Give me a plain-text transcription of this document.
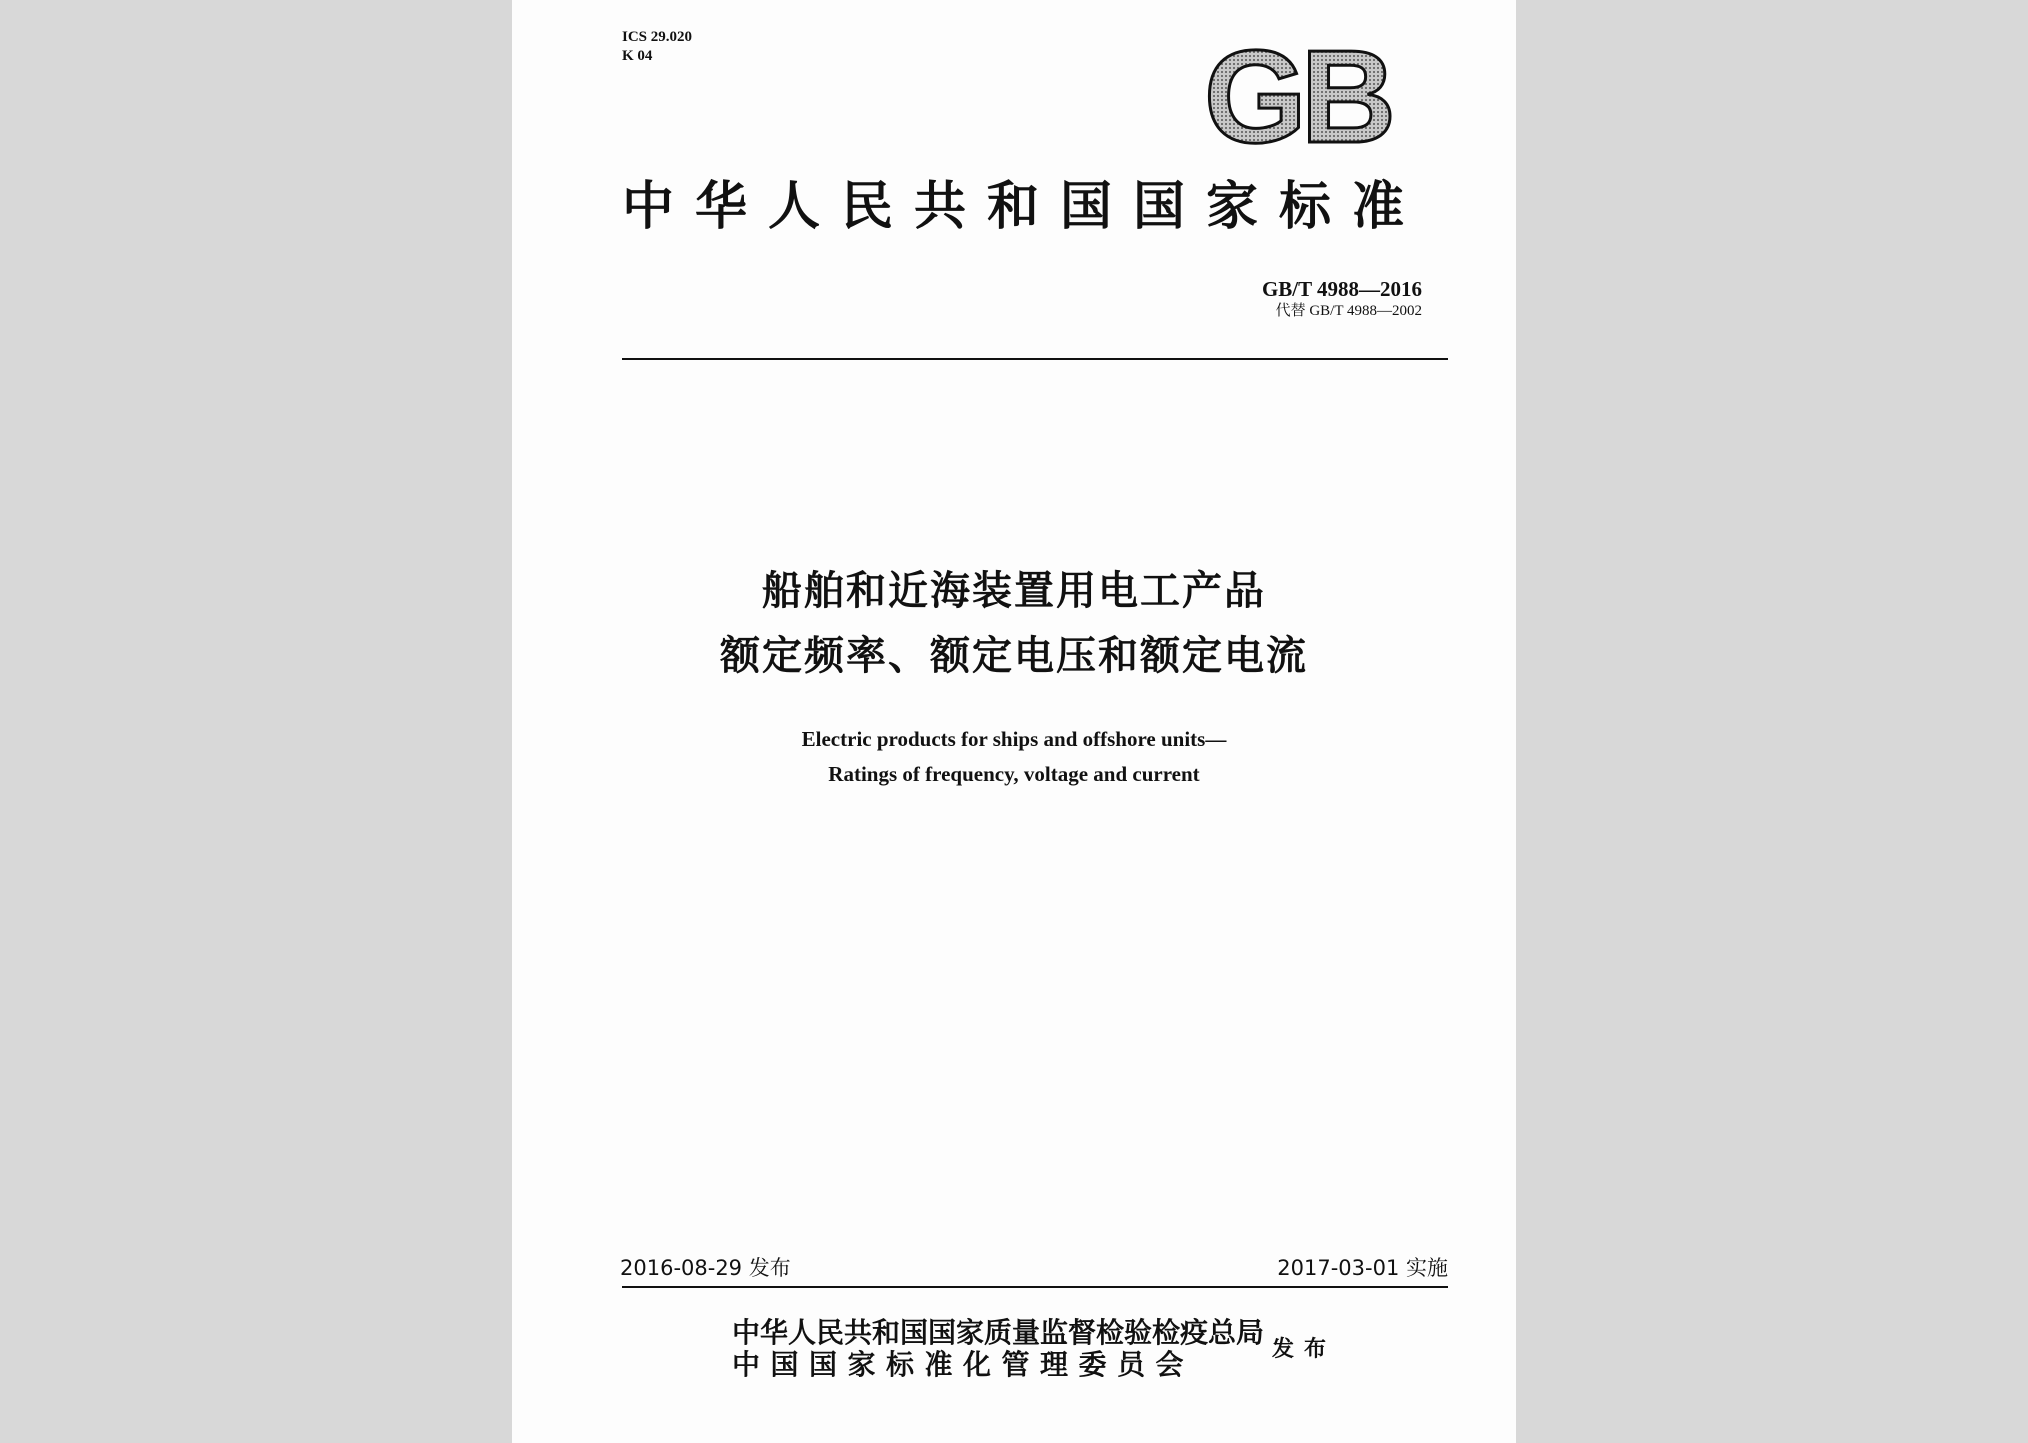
ICS 29.020
K 04	GB
中华人民共和国国家标准
GB/T 4988—2016
代替 GB/T 4988—2002
船舶和近海装置用电工产品
额定频率、额定电压和额定电流
Electric products for ships and offshore units—
Ratings of frequency, voltage and current
2016-08-29 发布	2017-03-01 实施
中华人民共和国国家质量监督检验检疫总局
中国国家标准化管理委员会
发布
